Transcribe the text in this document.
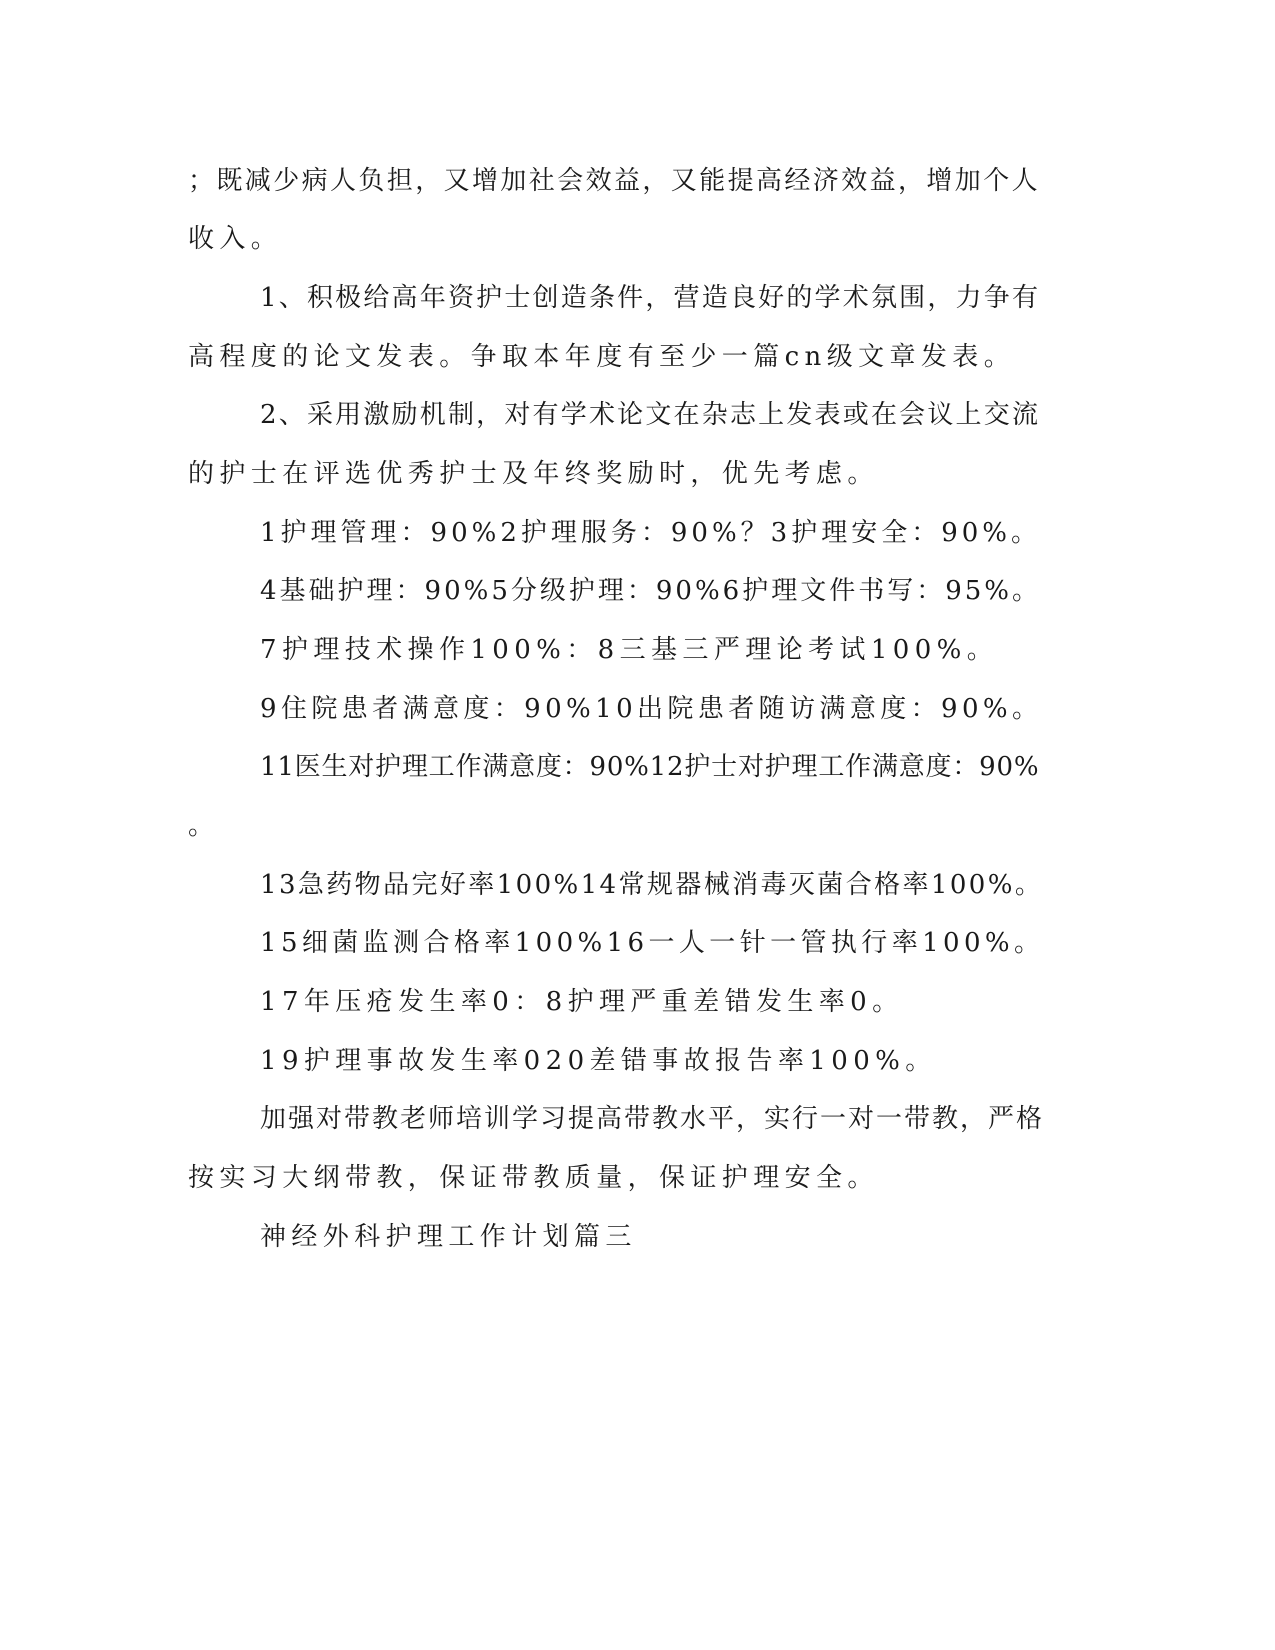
；既减少病人负担，又增加社会效益，又能提高经济效益，增加个人
收入。
1、积极给高年资护士创造条件，营造良好的学术氛围，力争有
高程度的论文发表。争取本年度有至少一篇cn级文章发表。
2、采用激励机制，对有学术论文在杂志上发表或在会议上交流
的护士在评选优秀护士及年终奖励时，优先考虑。
1护理管理：90%2护理服务：90%？3护理安全：90%。
4基础护理：90%5分级护理：90%6护理文件书写：95%。
7护理技术操作100%：8三基三严理论考试100%。
9住院患者满意度：90%10出院患者随访满意度：90%。
11医生对护理工作满意度：90%12护士对护理工作满意度：90%
。
13急药物品完好率100%14常规器械消毒灭菌合格率100%。
15细菌监测合格率100%16一人一针一管执行率100%。
17年压疮发生率0：8护理严重差错发生率0。
19护理事故发生率020差错事故报告率100%。
加强对带教老师培训学习提高带教水平，实行一对一带教，严格
按实习大纲带教，保证带教质量，保证护理安全。
神经外科护理工作计划篇三
